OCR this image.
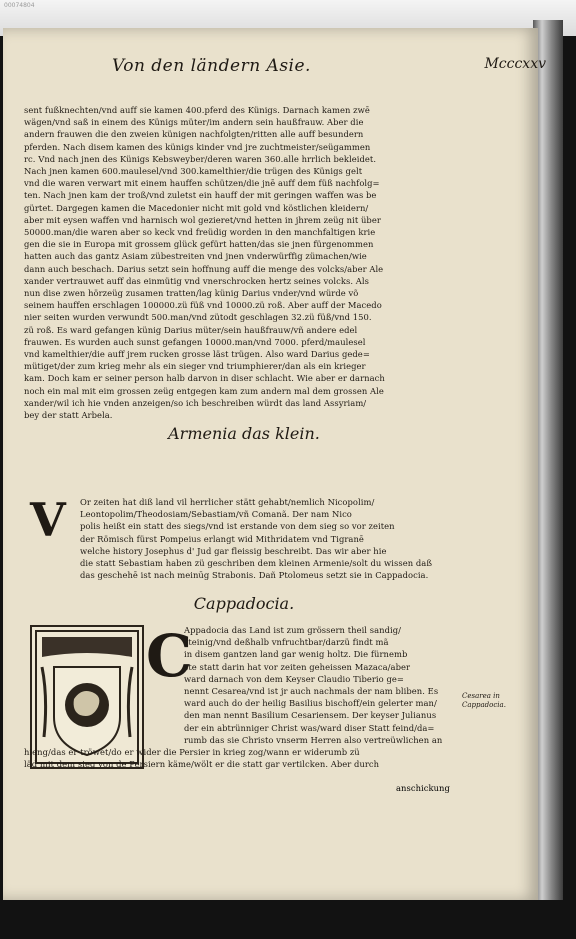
00074804
Von den ländern Asie.	Mcccxxv
sent fußknechten/vnd auff sie kamen 400.pferd des Künigs. Darnach kamen zwē
wägen/vnd saß in einem des Künigs müter/im andern sein haußfrauw. Aber die
andern frauwen die den zweien künigen nachfolgten/ritten alle auff besundern
pferden. Nach disem kamen des künigs kinder vnd jre zuchtmeister/seügammen
rc. Vnd nach jnen des Künigs Kebsweyber/deren waren 360.alle hrrlich bekleidet.
Nach jnen kamen 600.maulesel/vnd 300.kamelthier/die trügen des Künigs gelt
vnd die waren verwart mit einem hauffen schützen/die jnē auff dem füß nachfolg=
ten. Nach jnen kam der troß/vnd zuletst ein hauff der mit geringen waffen was be
gürtet. Dargegen kamen die Macedonier nicht mit gold vnd köstlichen kleidern/
aber mit eysen waffen vnd harnisch wol gezieret/vnd hetten in jhrem zeüg nit über
50000.man/die waren aber so keck vnd freüdig worden in den manchfaltigen krie
gen die sie in Europa mit grossem glück gefürt hatten/das sie jnen fürgenommen
hatten auch das gantz Asiam zübestreiten vnd jnen vnderwürffig zümachen/wie
dann auch beschach. Darius setzt sein hoffnung auff die menge des volcks/aber Ale
xander vertrauwet auff das einmütig vnd vnerschrocken hertz seines volcks. Als
nun dise zwen hörzeüg zusamen tratten/lag künig Darius vnder/vnd würde võ
seinem hauffen erschlagen 100000.zü füß vnd 10000.zü roß. Aber auff der Macedo
nier seiten wurden verwundt 500.man/vnd zütodt geschlagen 32.zü füß/vnd 150.
zü roß. Es ward gefangen künig Darius müter/sein haußfrauw/vñ andere edel
frauwen. Es wurden auch sunst gefangen 10000.man/vnd 7000. pferd/maulesel
vnd kamelthier/die auff jrem rucken grosse läst trügen. Also ward Darius gede=
mütiget/der zum krieg mehr als ein sieger vnd triumphierer/dan als ein krieger
kam. Doch kam er seiner person halb darvon in diser schlacht. Wie aber er darnach
noch ein mal mit eim grossen zeüg entgegen kam zum andern mal dem grossen Ale
xander/wil ich hie vnden anzeigen/so ich beschreiben würdt das land Assyriam/
bey der statt Arbela.
Armenia das klein.
V Or zeiten hat diß land vil herrlicher stätt gehabt/nemlich Nicopolim/
Leontopolim/Theodosiam/Sebastiam/vñ Comanã. Der nam Nico
polis heißt ein statt des siegs/vnd ist erstande von dem sieg so vor zeiten
der Römisch fürst Pompeius erlangt wid Mithridatem vnd Tigranē
welche history Josephus d' Jud gar fleissig beschreibt. Das wir aber hie
die statt Sebastiam haben zü geschriben dem kleinen Armenie/solt du wissen daß
das geschehē ist nach meinūg Strabonis. Dañ Ptolomeus setzt sie in Cappadocia.
Cappadocia.
C
Appadocia das Land ist zum grössern theil sandig/
steinig/vnd deßhalb vnfruchtbar/darzü findt mã
in disem gantzen land gar wenig holtz. Die fürnemb
ste statt darin hat vor zeiten geheissen Mazaca/aber
ward darnach von dem Keyser Claudio Tiberio ge=
nennt Cesarea/vnd ist jr auch nachmals der nam bliben. Es
ward auch do der heilig Basilius bischoff/ein gelerter man/
den man nennt Basilium Cesariensem. Der keyser Julianus
der ein abtrünniger Christ was/ward diser Statt feind/da=
rumb das sie Christo vnserm Herren also vertreüwlichen an
hieng/das er tröwet/do er wider die Persier in krieg zog/wann er widerumb zü
läd mit dem sieg von de Persiern käme/wölt er die statt gar vertilcken. Aber durch
anschickung
Cesarea in
Cappadocia.
